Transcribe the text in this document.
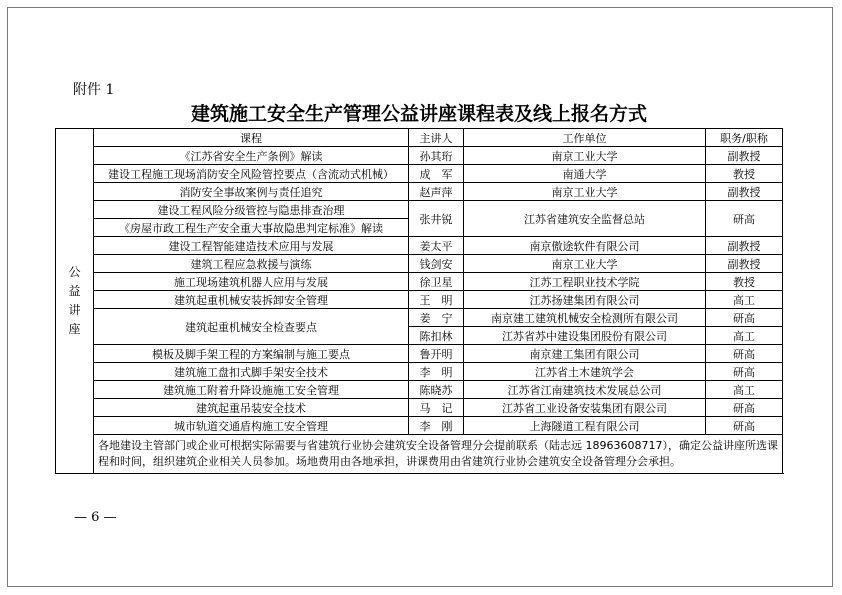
附件 1
建筑施工安全生产管理公益讲座课程表及线上报名方式
公
益
讲
座	课程	主讲人	工作单位	职务/职称
	《江苏省安全生产条例》解读	孙其珩	南京工业大学	副教授
	建设工程施工现场消防安全风险管控要点（含流动式机械）	成　军	南通大学	教授
	消防安全事故案例与责任追究	赵声萍	南京工业大学	副教授
	建设工程风险分级管控与隐患排查治理	张井锐	江苏省建筑安全监督总站	研高
	《房屋市政工程生产安全重大事故隐患判定标准》解读			
	建设工程智能建造技术应用与发展	姜太平	南京傲途软件有限公司	副教授
	建筑工程应急救援与演练	钱剑安	南京工业大学	副教授
	施工现场建筑机器人应用与发展	徐卫星	江苏工程职业技术学院	教授
	建筑起重机械安装拆卸安全管理	王　明	江苏扬建集团有限公司	高工
	建筑起重机械安全检查要点	姜　宁	南京建工建筑机械安全检测所有限公司	研高
		陈扣林	江苏省苏中建设集团股份有限公司	高工
	模板及脚手架工程的方案编制与施工要点	鲁开明	南京建工集团有限公司	研高
	建筑施工盘扣式脚手架安全技术	李　明	江苏省土木建筑学会	研高
	建筑施工附着升降设施施工安全管理	陈晓苏	江苏省江南建筑技术发展总公司	高工
	建筑起重吊装安全技术	马　记	江苏省工业设备安装集团有限公司	研高
	城市轨道交通盾构施工安全管理	李　刚	上海隧道工程有限公司	研高
	各地建设主管部门或企业可根据实际需要与省建筑行业协会建筑安全设备管理分会提前联系（陆志远 18963608717），确定公益讲座所选课程和时间，组织建筑企业相关人员参加。场地费用由各地承担，讲课费用由省建筑行业协会建筑安全设备管理分会承担。			
— 6 —
